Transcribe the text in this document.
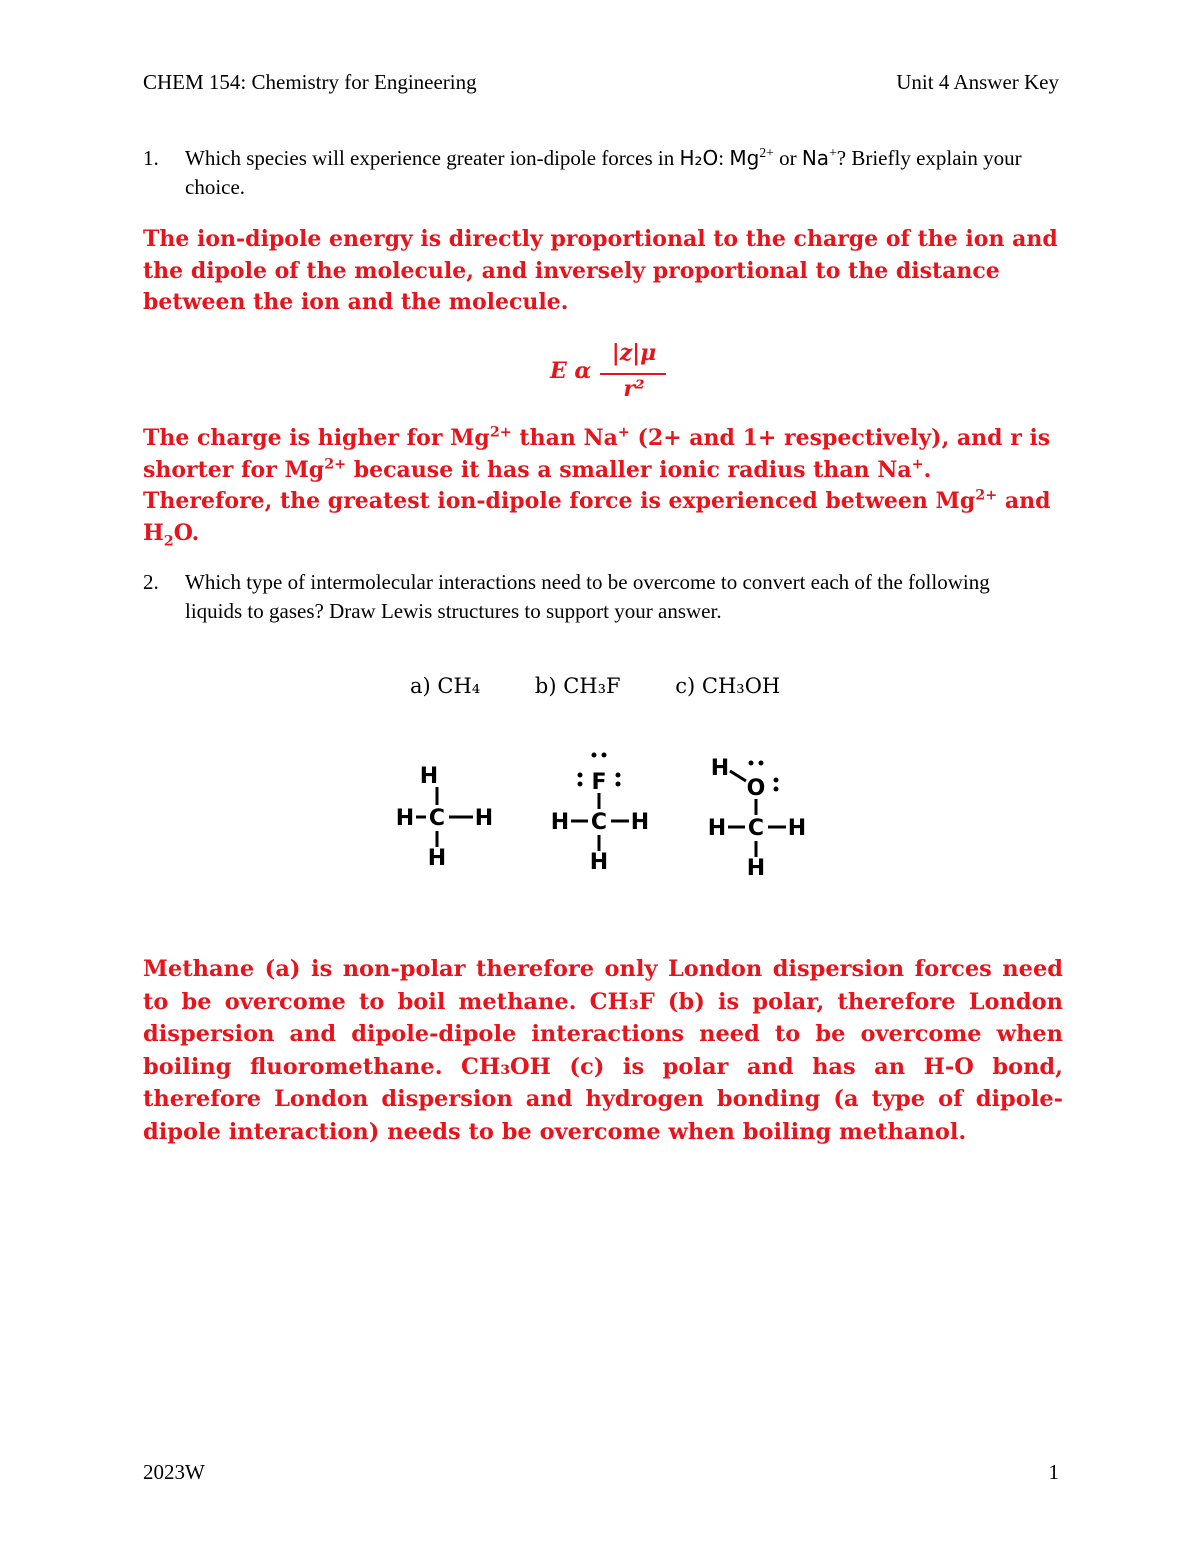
CHEM 154: Chemistry for Engineering	Unit 4 Answer Key
1. Which species will experience greater ion-dipole forces in H₂O: $Mg^{2+}$ or Na+? Briefly explain your choice.
The ion-dipole energy is directly proportional to the charge of the ion and the dipole of the molecule, and inversely proportional to the distance between the ion and the molecule.
E α
|z|μ
r²
The charge is higher for $Mg^{2+}$ than Na+ (2+ and 1+ respectively), and r is shorter for $Mg^{2+}$ because it has a smaller ionic radius than Na+. Therefore, the greatest ion-dipole force is experienced between $Mg^{2+}$ and $H_2O$.
2. Which type of intermolecular interactions need to be overcome to convert each of the following liquids to gases? Draw Lewis structures to support your answer.
a) CH₄	b) CH₃F	c) CH₃OH
H
H C H
H
F
H C H
H
H
O
H C H
H
Methane (a) is non-polar therefore only London dispersion forces need to be overcome to boil methane. CH₃F (b) is polar, therefore London dispersion and dipole-dipole interactions need to be overcome when boiling fluoromethane. CH₃OH (c) is polar and has an H-O bond, therefore London dispersion and hydrogen bonding (a type of dipole-dipole interaction) needs to be overcome when boiling methanol.
2023W	1
